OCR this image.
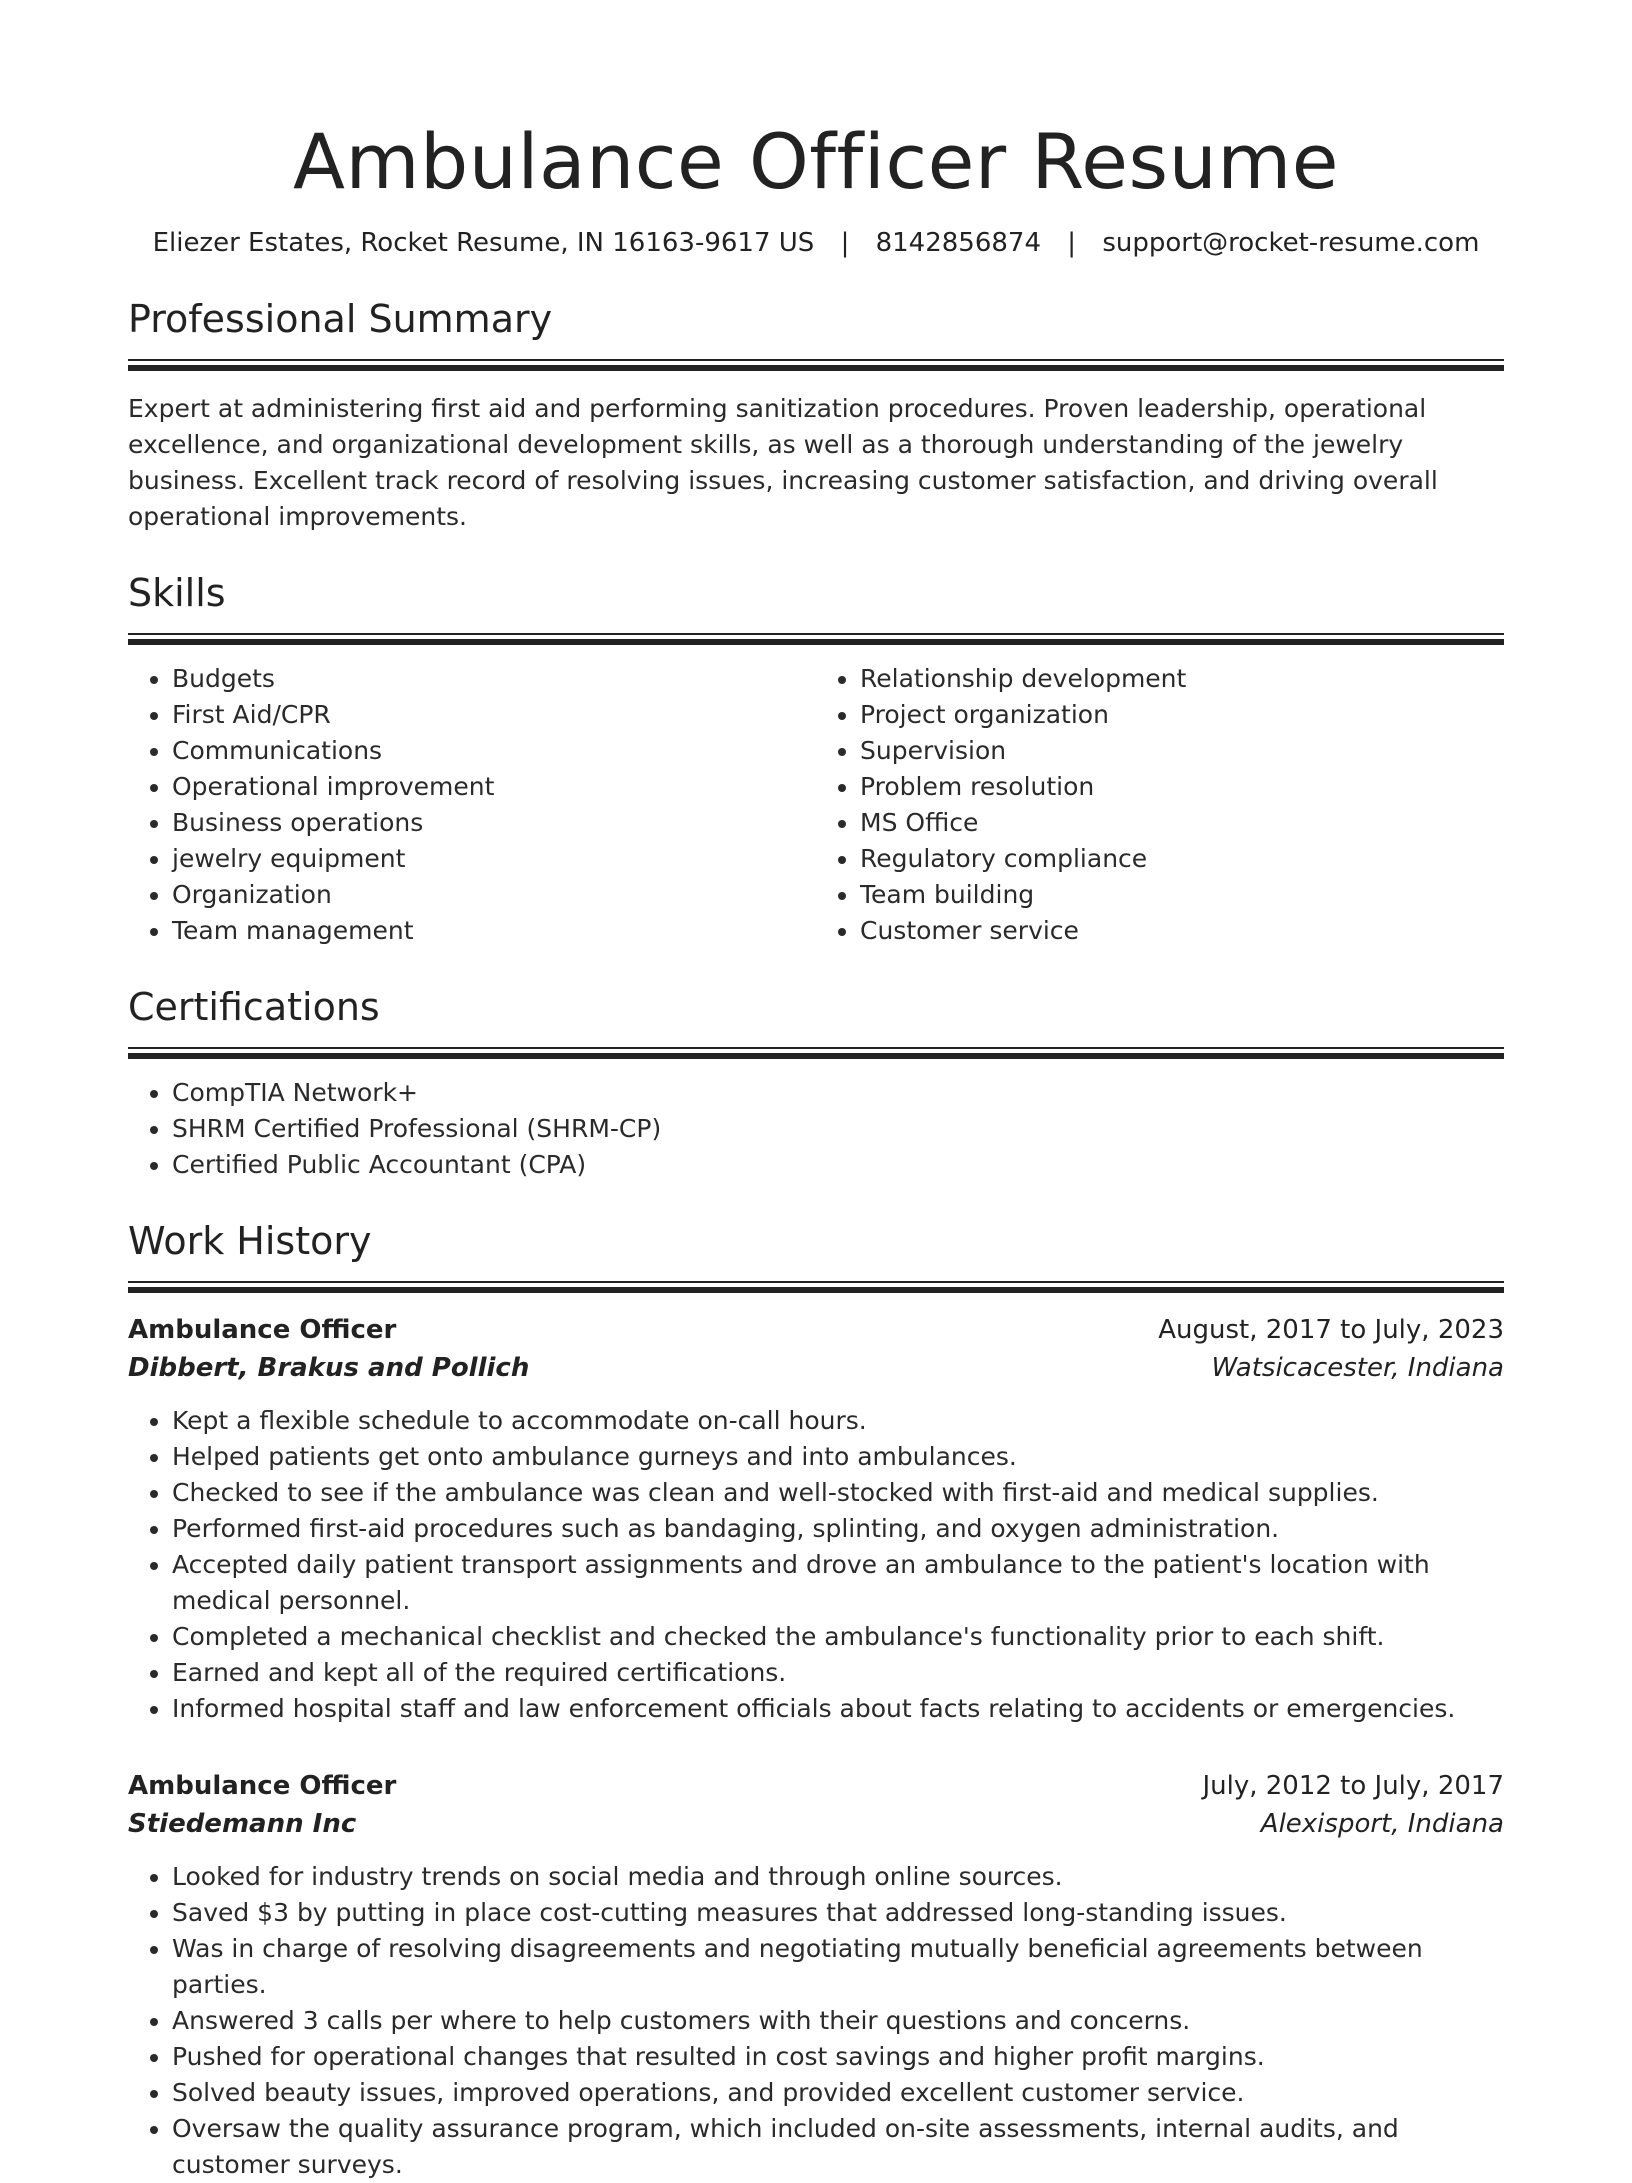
Ambulance Officer Resume
Eliezer Estates, Rocket Resume, IN 16163-9617 US | 8142856874 | support@rocket-resume.com
Professional Summary
Expert at administering first aid and performing sanitization procedures. Proven leadership, operational excellence, and organizational development skills, as well as a thorough understanding of the jewelry business. Excellent track record of resolving issues, increasing customer satisfaction, and driving overall operational improvements.
Skills
• Budgets
• First Aid/CPR
• Communications
• Operational improvement
• Business operations
• jewelry equipment
• Organization
• Team management
• Relationship development
• Project organization
• Supervision
• Problem resolution
• MS Office
• Regulatory compliance
• Team building
• Customer service
Certifications
• CompTIA Network+
• SHRM Certified Professional (SHRM-CP)
• Certified Public Accountant (CPA)
Work History
Ambulance Officer	August, 2017 to July, 2023
Dibbert, Brakus and Pollich	Watsicacester, Indiana
• Kept a flexible schedule to accommodate on-call hours.
• Helped patients get onto ambulance gurneys and into ambulances.
• Checked to see if the ambulance was clean and well-stocked with first-aid and medical supplies.
• Performed first-aid procedures such as bandaging, splinting, and oxygen administration.
• Accepted daily patient transport assignments and drove an ambulance to the patient's location with medical personnel.
• Completed a mechanical checklist and checked the ambulance's functionality prior to each shift.
• Earned and kept all of the required certifications.
• Informed hospital staff and law enforcement officials about facts relating to accidents or emergencies.
Ambulance Officer	July, 2012 to July, 2017
Stiedemann Inc	Alexisport, Indiana
• Looked for industry trends on social media and through online sources.
• Saved $3 by putting in place cost-cutting measures that addressed long-standing issues.
• Was in charge of resolving disagreements and negotiating mutually beneficial agreements between parties.
• Answered 3 calls per where to help customers with their questions and concerns.
• Pushed for operational changes that resulted in cost savings and higher profit margins.
• Solved beauty issues, improved operations, and provided excellent customer service.
• Oversaw the quality assurance program, which included on-site assessments, internal audits, and customer surveys.
